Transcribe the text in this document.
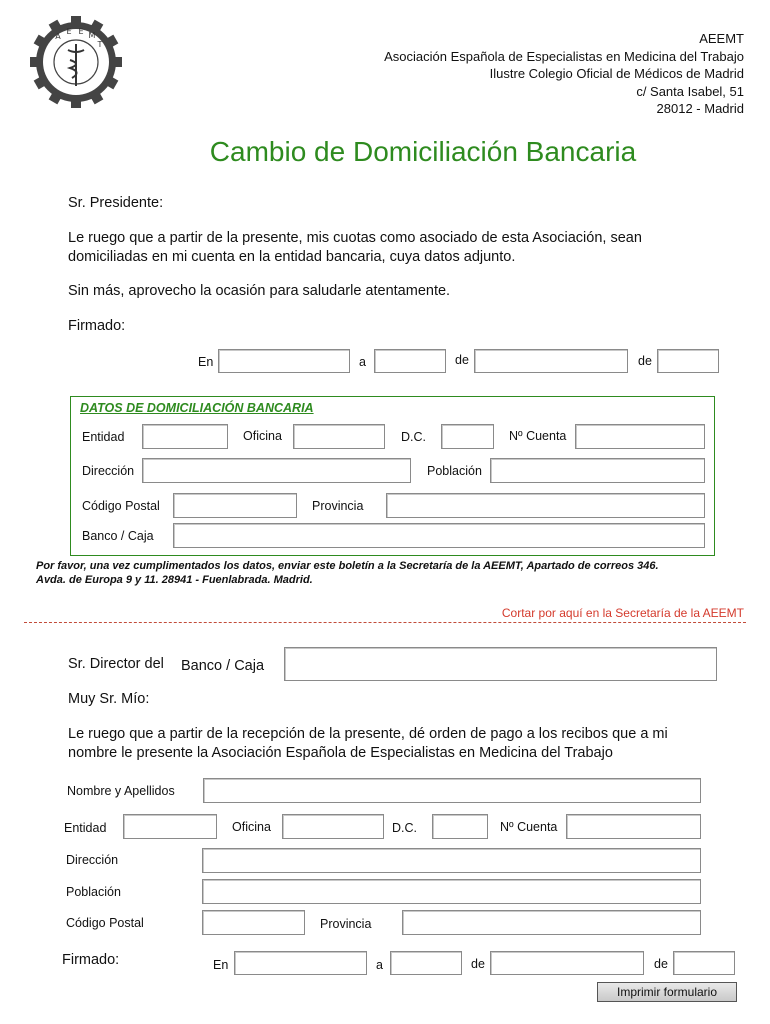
A
E E M
T	AEEMT
Asociación Española de Especialistas en Medicina del Trabajo
Ilustre Colegio Oficial de Médicos de Madrid
c/ Santa Isabel, 51
28012 - Madrid
Cambio de Domiciliación Bancaria
Sr. Presidente:
Le ruego que a partir de la presente, mis cuotas como asociado de esta Asociación, sean
domiciliadas en mi cuenta en la entidad bancaria, cuya datos adjunto.
Sin más, aprovecho la ocasión para saludarle atentamente.
Firmado:
En	a	de	de
DATOS DE DOMICILIACIÓN BANCARIA
Entidad	Oficina	D.C.	Nº Cuenta
Dirección	Población
Código Postal	Provincia
Banco / Caja
Por favor, una vez cumplimentados los datos, enviar este boletín a la Secretaría de la AEEMT, Apartado de correos 346.
Avda. de Europa 9 y 11. 28941 - Fuenlabrada. Madrid.
Cortar por aquí en la Secretaría de la AEEMT
Sr. Director del Banco / Caja
Muy Sr. Mío:
Le ruego que a partir de la recepción de la presente, dé orden de pago a los recibos que a mi
nombre le presente la Asociación Española de Especialistas en Medicina del Trabajo
Nombre y Apellidos
Entidad	Oficina	D.C.	Nº Cuenta
Dirección
Población
Código Postal	Provincia
Firmado:	En	a	de	de
Imprimir formulario
